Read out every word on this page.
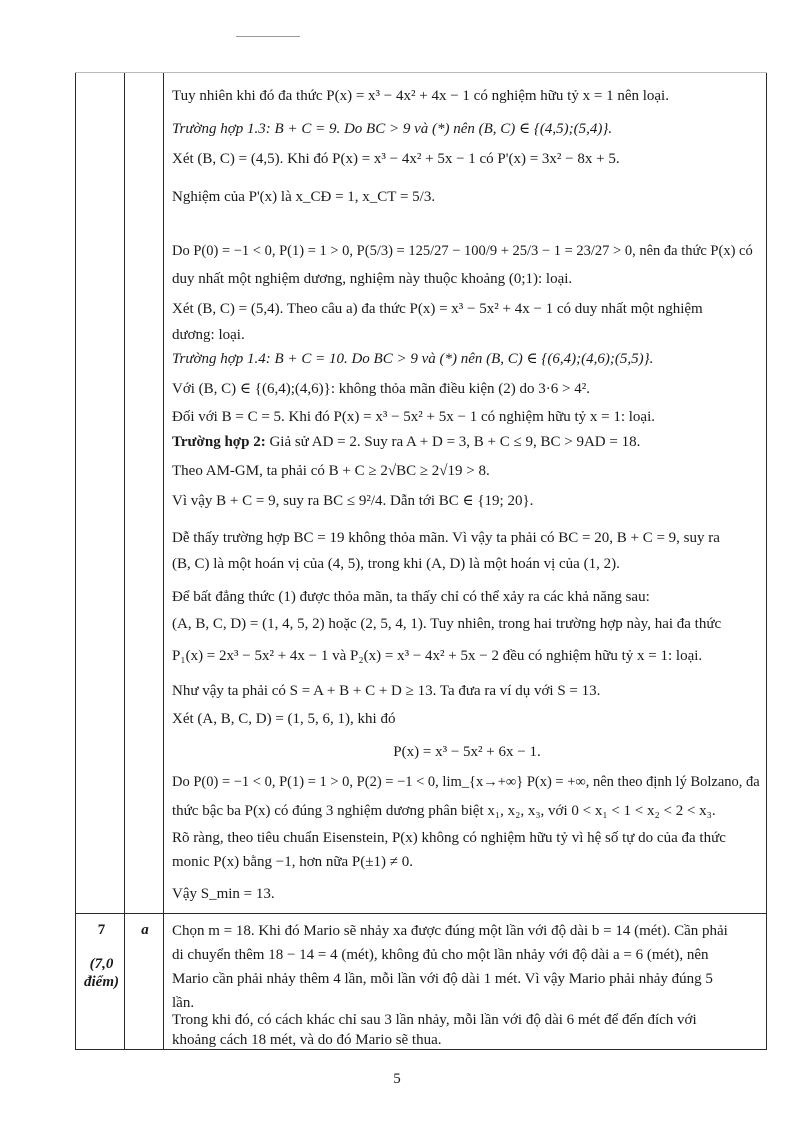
Tuy nhiên khi đó đa thức P(x) = x³ − 4x² + 4x − 1 có nghiệm hữu tỷ x = 1 nên loại.
Trường hợp 1.3: B + C = 9. Do BC > 9 và (*) nên (B, C) ∈ {(4,5);(5,4)}.
Xét (B, C) = (4,5). Khi đó P(x) = x³ − 4x² + 5x − 1 có P'(x) = 3x² − 8x + 5.
Nghiệm của P'(x) là x_CĐ = 1, x_CT = 5/3.
Do P(0) = −1 < 0, P(1) = 1 > 0, P(5/3) = 125/27 − 100/9 + 25/3 − 1 = 23/27 > 0, nên đa thức P(x) có
duy nhất một nghiệm dương, nghiệm này thuộc khoảng (0;1): loại.
Xét (B, C) = (5,4). Theo câu a) đa thức P(x) = x³ − 5x² + 4x − 1 có duy nhất một nghiệm
dương: loại.
Trường hợp 1.4: B + C = 10. Do BC > 9 và (*) nên (B, C) ∈ {(6,4);(4,6);(5,5)}.
Với (B, C) ∈ {(6,4);(4,6)}: không thỏa mãn điều kiện (2) do 3·6 > 4².
Đối với B = C = 5. Khi đó P(x) = x³ − 5x² + 5x − 1 có nghiệm hữu tỷ x = 1: loại.
Trường hợp 2: Giả sử AD = 2. Suy ra A + D = 3, B + C ≤ 9, BC > 9AD = 18.
Theo AM-GM, ta phải có B + C ≥ 2√BC ≥ 2√19 > 8.
Vì vậy B + C = 9, suy ra BC ≤ 9²/4. Dẫn tới BC ∈ {19; 20}.
Dễ thấy trường hợp BC = 19 không thỏa mãn. Vì vậy ta phải có BC = 20, B + C = 9, suy ra
(B, C) là một hoán vị của (4, 5), trong khi (A, D) là một hoán vị của (1, 2).
Để bất đẳng thức (1) được thỏa mãn, ta thấy chỉ có thể xảy ra các khả năng sau:
(A, B, C, D) = (1, 4, 5, 2) hoặc (2, 5, 4, 1). Tuy nhiên, trong hai trường hợp này, hai đa thức
P₁(x) = 2x³ − 5x² + 4x − 1 và P₂(x) = x³ − 4x² + 5x − 2 đều có nghiệm hữu tỷ x = 1: loại.
Như vậy ta phải có S = A + B + C + D ≥ 13. Ta đưa ra ví dụ với S = 13.
Xét (A, B, C, D) = (1, 5, 6, 1), khi đó
P(x) = x³ − 5x² + 6x − 1.
Do P(0) = −1 < 0, P(1) = 1 > 0, P(2) = −1 < 0, lim_{x→+∞} P(x) = +∞, nên theo định lý Bolzano, đa
thức bậc ba P(x) có đúng 3 nghiệm dương phân biệt x₁, x₂, x₃, với 0 < x₁ < 1 < x₂ < 2 < x₃.
Rõ ràng, theo tiêu chuẩn Eisenstein, P(x) không có nghiệm hữu tỷ vì hệ số tự do của đa thức
monic P(x) bằng −1, hơn nữa P(±1) ≠ 0.
Vậy S_min = 13.
7
(7,0 điểm)
a	Chọn m = 18. Khi đó Mario sẽ nhảy xa được đúng một lần với độ dài b = 14 (mét). Cần phải
di chuyển thêm 18 − 14 = 4 (mét), không đủ cho một lần nhảy với độ dài a = 6 (mét), nên
Mario cần phải nhảy thêm 4 lần, mỗi lần với độ dài 1 mét. Vì vậy Mario phải nhảy đúng 5
lần.
Trong khi đó, có cách khác chỉ sau 3 lần nhảy, mỗi lần với độ dài 6 mét để đến đích với
khoảng cách 18 mét, và do đó Mario sẽ thua.
5
